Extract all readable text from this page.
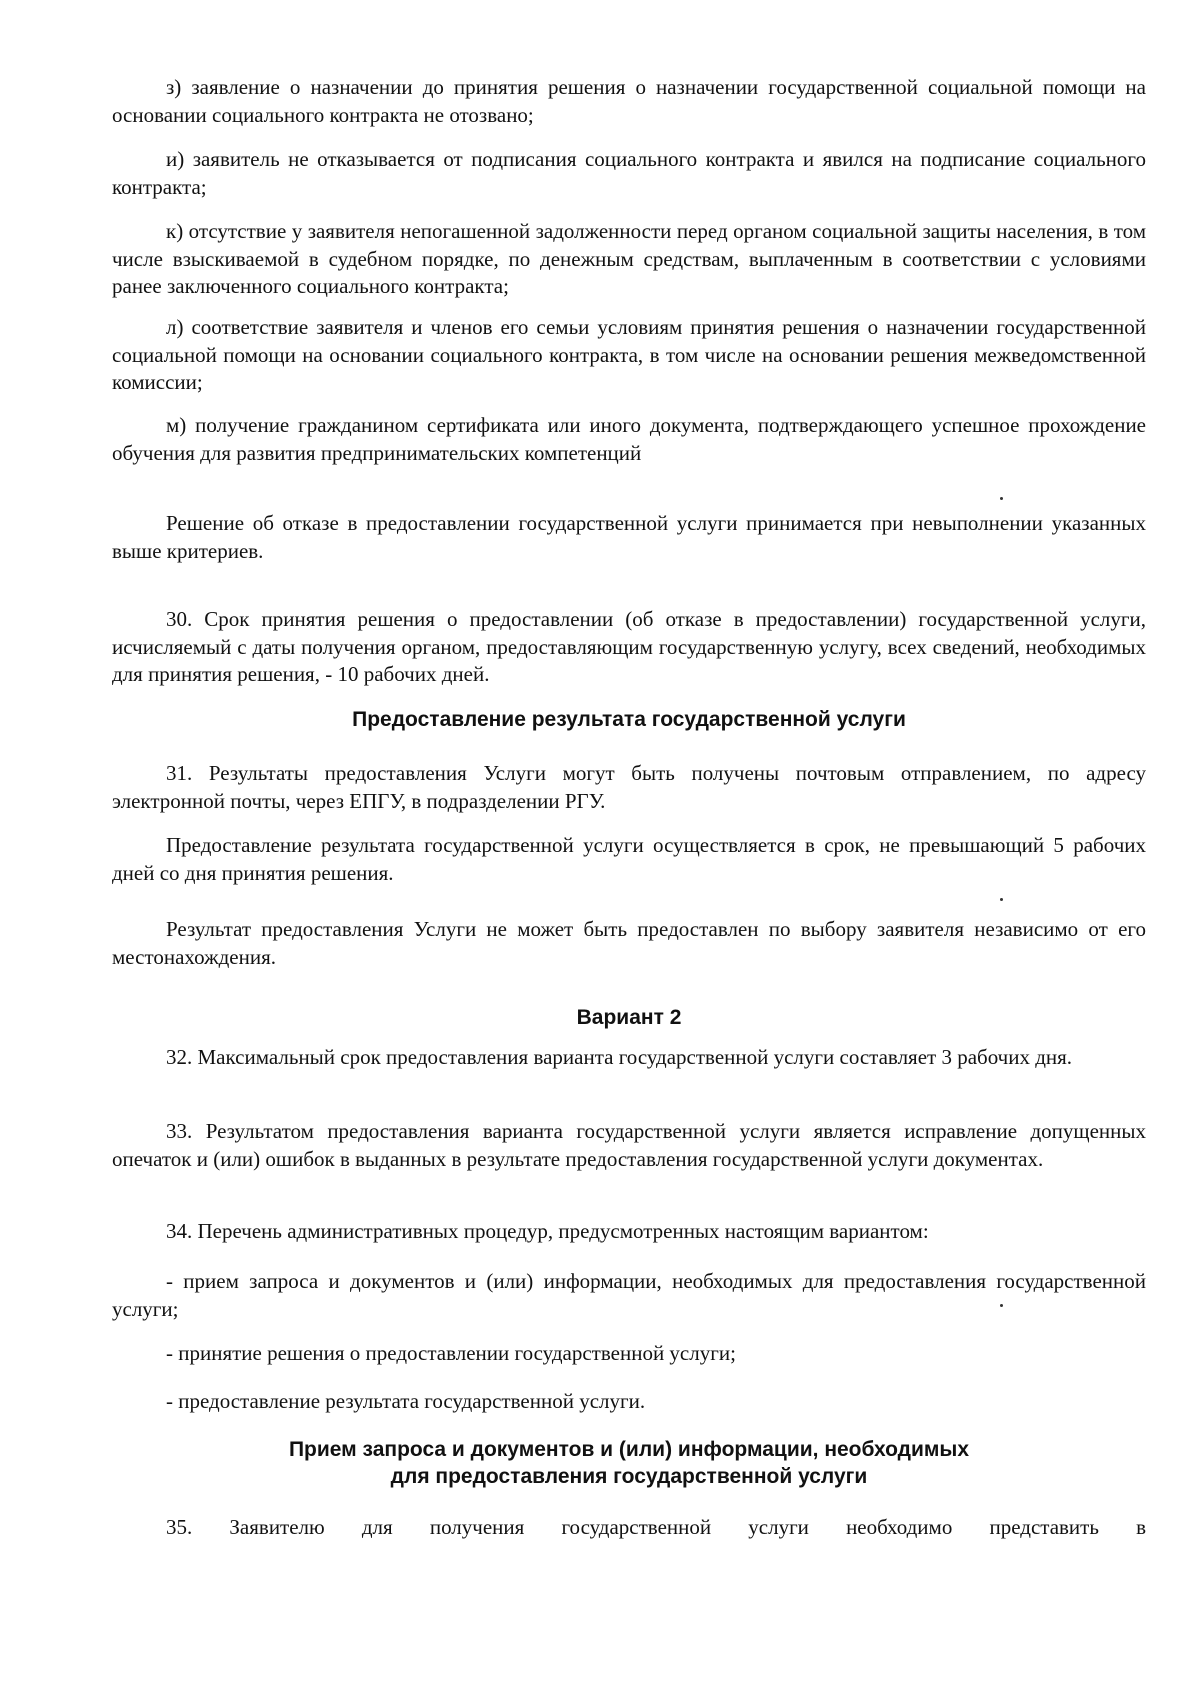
з) заявление о назначении до принятия решения о назначении государственной социальной помощи на основании социального контракта не отозвано;

и) заявитель не отказывается от подписания социального контракта и явился на подписание социального контракта;

к) отсутствие у заявителя непогашенной задолженности перед органом социальной защиты населения, в том числе взыскиваемой в судебном порядке, по денежным средствам, выплаченным в соответствии с условиями ранее заключенного социального контракта;

л) соответствие заявителя и членов его семьи условиям принятия решения о назначении государственной социальной помощи на основании социального контракта, в том числе на основании решения межведомственной комиссии;

м) получение гражданином сертификата или иного документа, подтверждающего успешное прохождение обучения для развития предпринимательских компетенций

Решение об отказе в предоставлении государственной услуги принимается при невыполнении указанных выше критериев.

30. Срок принятия решения о предоставлении (об отказе в предоставлении) государственной услуги, исчисляемый с даты получения органом, предоставляющим государственную услугу, всех сведений, необходимых для принятия решения, - 10 рабочих дней.

Предоставление результата государственной услуги

31. Результаты предоставления Услуги могут быть получены почтовым отправлением, по адресу электронной почты, через ЕПГУ, в подразделении РГУ.

Предоставление результата государственной услуги осуществляется в срок, не превышающий 5 рабочих дней со дня принятия решения.

Результат предоставления Услуги не может быть предоставлен по выбору заявителя независимо от его местонахождения.

Вариант 2

32. Максимальный срок предоставления варианта государственной услуги составляет 3 рабочих дня.

33. Результатом предоставления варианта государственной услуги является исправление допущенных опечаток и (или) ошибок в выданных в результате предоставления государственной услуги документах.

34. Перечень административных процедур, предусмотренных настоящим вариантом:

- прием запроса и документов и (или) информации, необходимых для предоставления государственной услуги;

- принятие решения о предоставлении государственной услуги;

- предоставление результата государственной услуги.

Прием запроса и документов и (или) информации, необходимых
для предоставления государственной услуги

35. Заявителю для получения государственной услуги необходимо представить в
